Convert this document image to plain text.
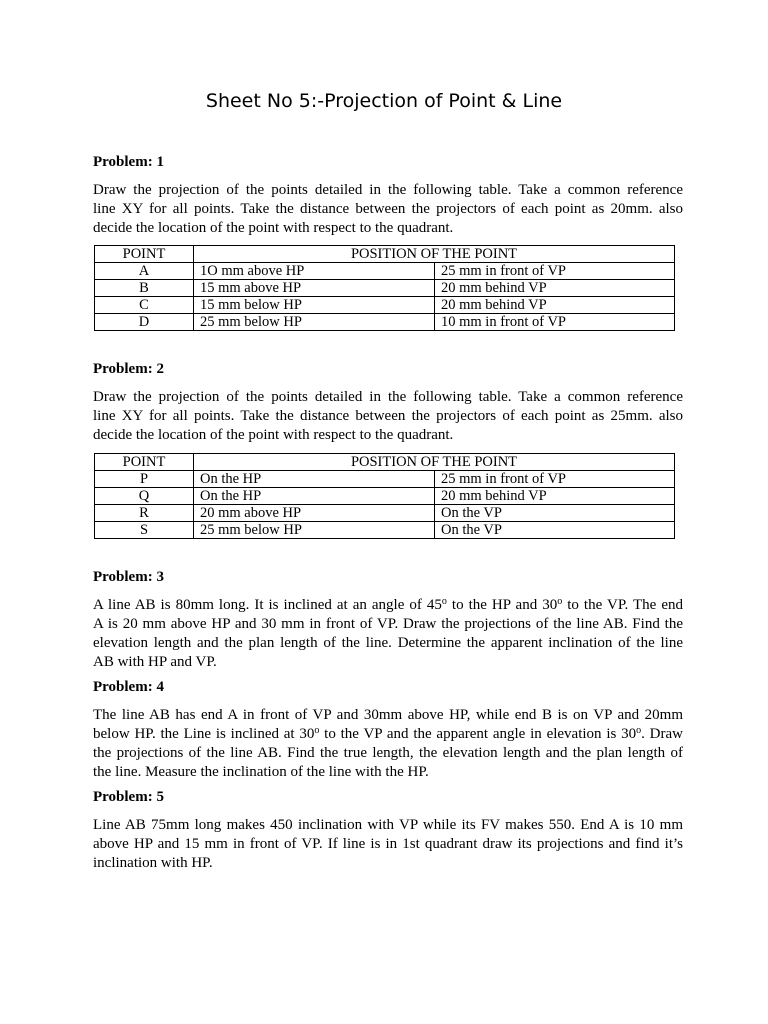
Sheet No 5:-Projection of Point & Line

Problem: 1

Draw the projection of the points detailed in the following table. Take a common reference
line XY for all points. Take the distance between the projectors of each point as 20mm. also
decide the location of the point with respect to the quadrant.

POINT	POSITION OF THE POINT	
A	1O mm above HP	25 mm in front of VP
B	15 mm above HP	20 mm behind VP
C	15 mm below HP	20 mm behind VP
D	25 mm below HP	10 mm in front of VP

Problem: 2

Draw the projection of the points detailed in the following table. Take a common reference
line XY for all points. Take the distance between the projectors of each point as 25mm. also
decide the location of the point with respect to the quadrant.

POINT	POSITION OF THE POINT	
P	On the HP	25 mm in front of VP
Q	On the HP	20 mm behind VP
R	20 mm above HP	On the VP
S	25 mm below HP	On the VP

Problem: 3

A line AB is 80mm long. It is inclined at an angle of 45$^o$ to the HP and 30$^o$ to the VP. The end
A is 20 mm above HP and 30 mm in front of VP. Draw the projections of the line AB. Find the
elevation length and the plan length of the line. Determine the apparent inclination of the line
AB with HP and VP.

Problem: 4

The line AB has end A in front of VP and 30mm above HP, while end B is on VP and 20mm
below HP. the Line is inclined at 30$^o$ to the VP and the apparent angle in elevation is 30$^o$. Draw
the projections of the line AB. Find the true length, the elevation length and the plan length of
the line. Measure the inclination of the line with the HP.

Problem: 5

Line AB 75mm long makes 450 inclination with VP while its FV makes 550. End A is 10 mm
above HP and 15 mm in front of VP. If line is in 1st quadrant draw its projections and find it’s
inclination with HP.
